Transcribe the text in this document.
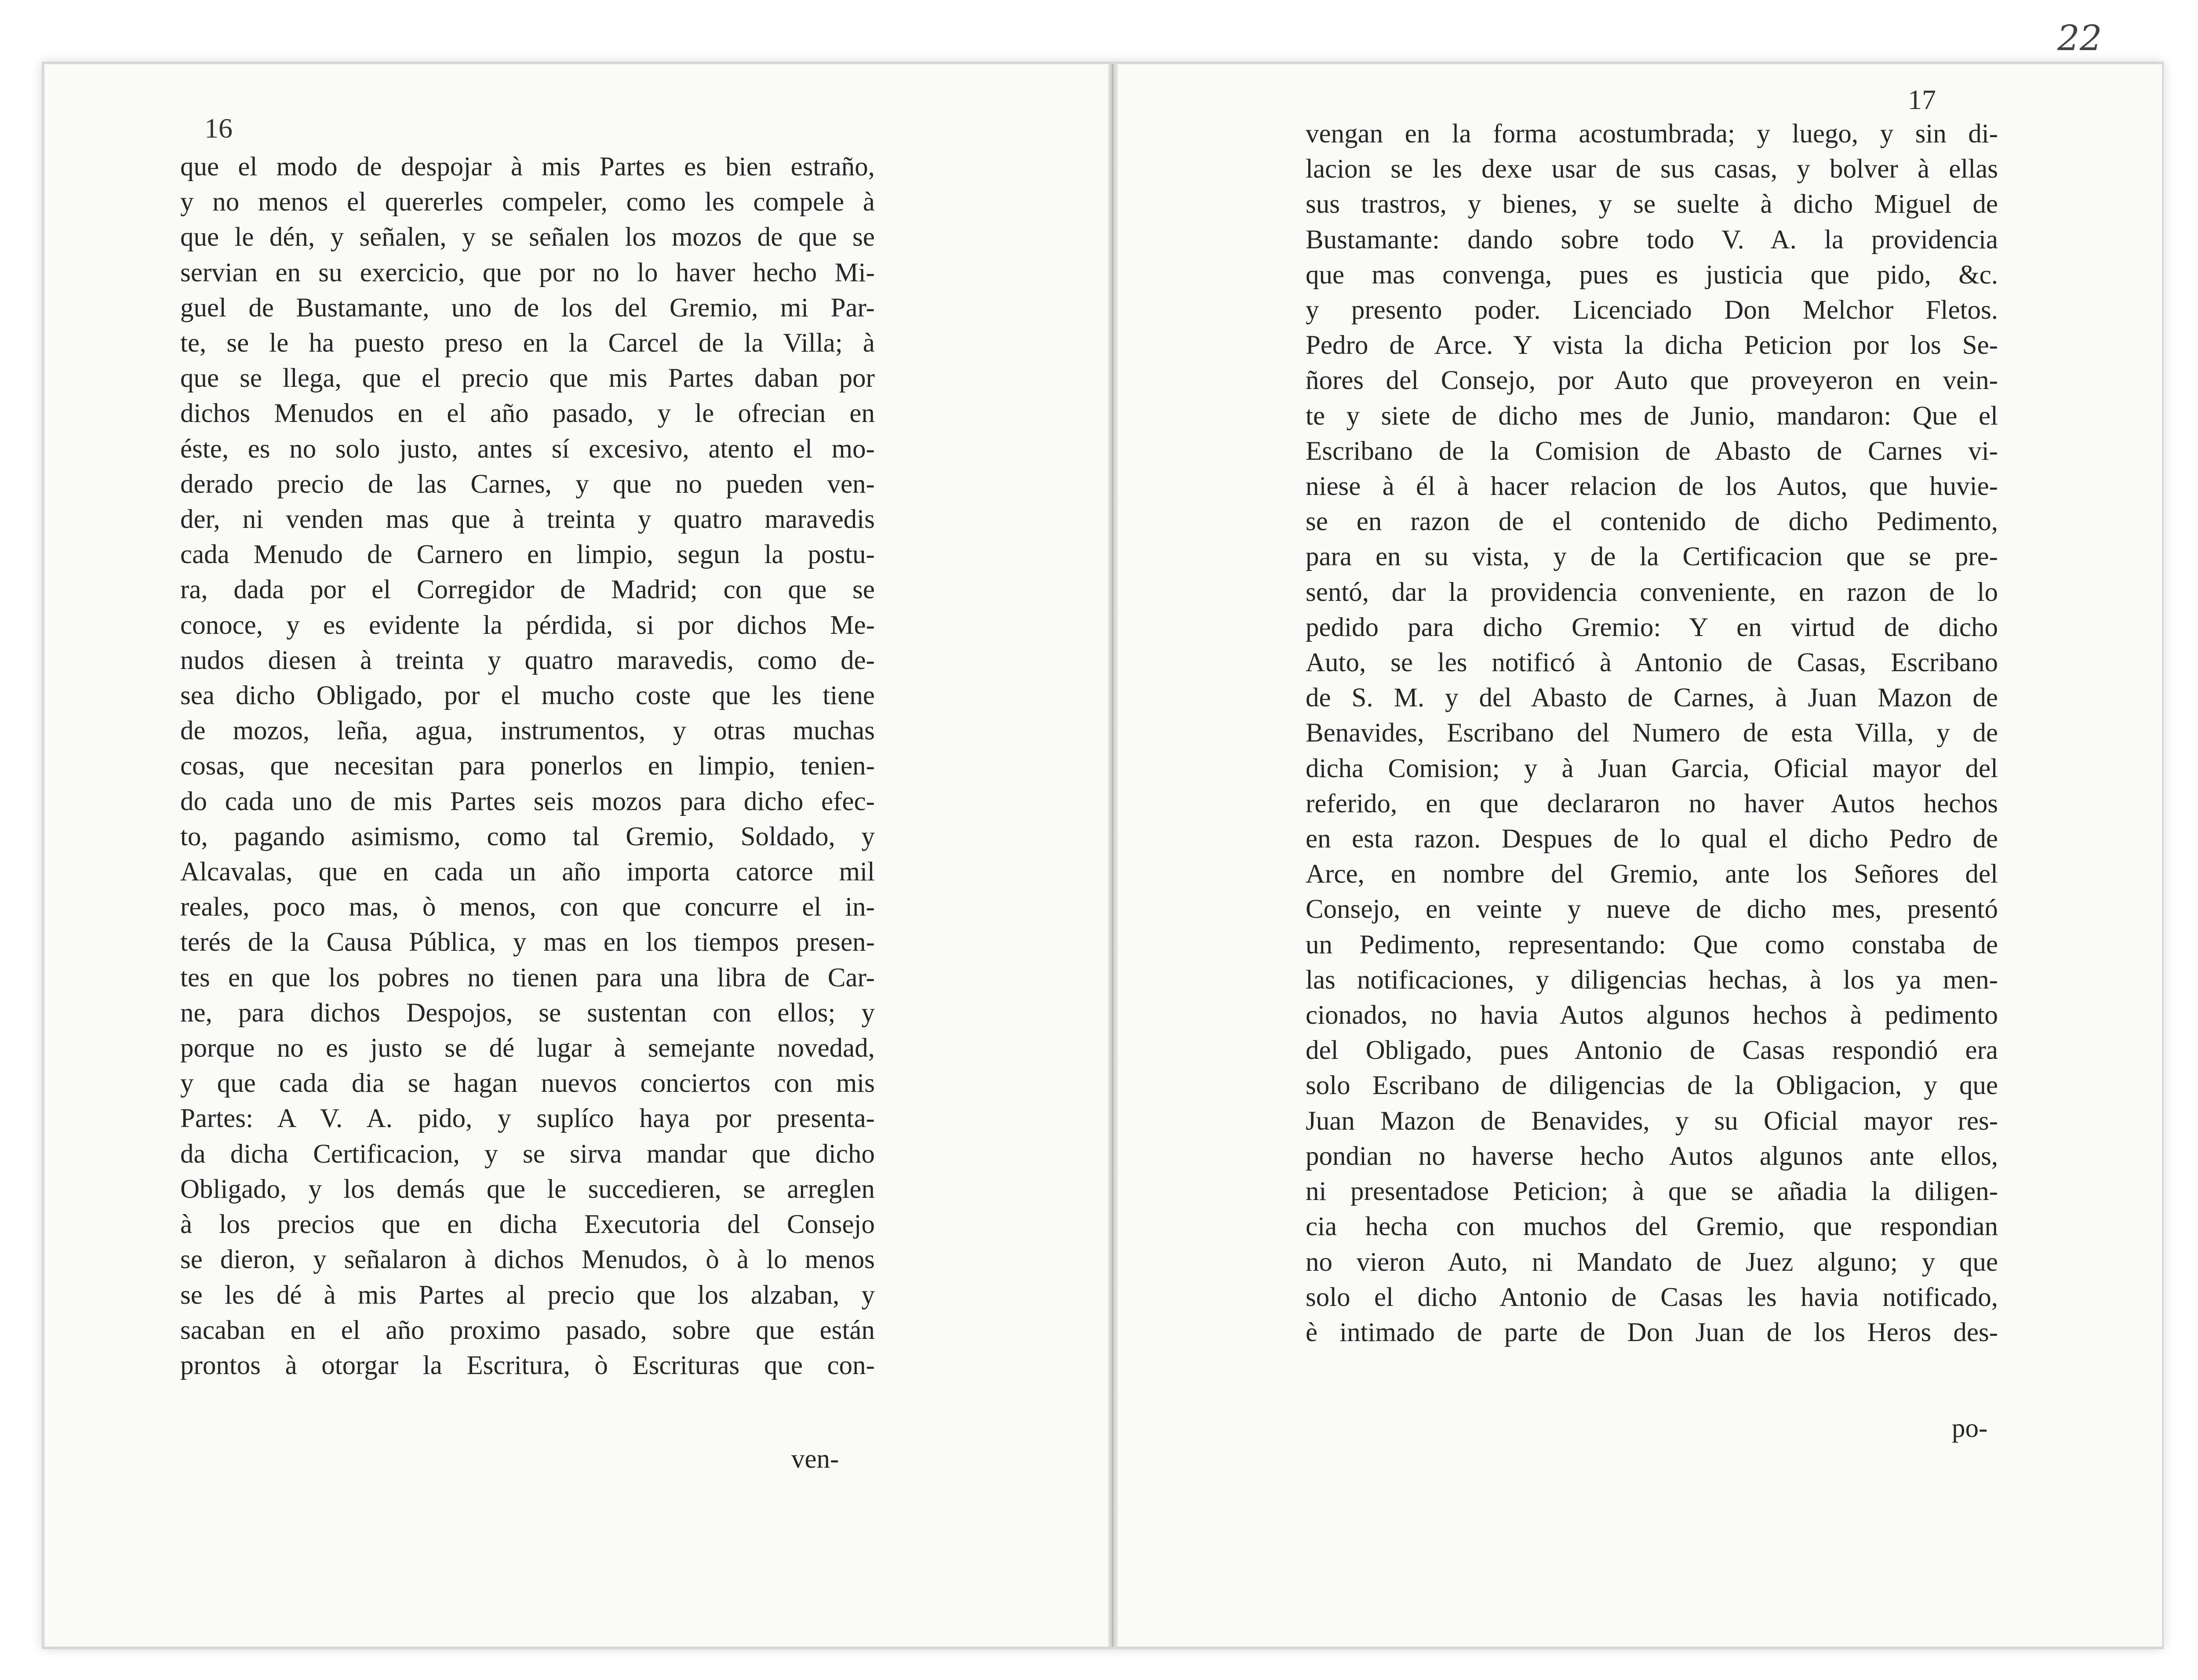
22
16
17
que el modo de despojar à mis Partes es bien estraño,
y no menos el quererles compeler, como les compele à
que le dén, y señalen, y se señalen los mozos de que se
servian en su exercicio, que por no lo haver hecho Mi-
guel de Bustamante, uno de los del Gremio, mi Par-
te, se le ha puesto preso en la Carcel de la Villa; à
que se llega, que el precio que mis Partes daban por
dichos Menudos en el año pasado, y le ofrecian en
éste, es no solo justo, antes sí excesivo, atento el mo-
derado precio de las Carnes, y que no pueden ven-
der, ni venden mas que à treinta y quatro maravedis
cada Menudo de Carnero en limpio, segun la postu-
ra, dada por el Corregidor de Madrid; con que se
conoce, y es evidente la pérdida, si por dichos Me-
nudos diesen à treinta y quatro maravedis, como de-
sea dicho Obligado, por el mucho coste que les tiene
de mozos, leña, agua, instrumentos, y otras muchas
cosas, que necesitan para ponerlos en limpio, tenien-
do cada uno de mis Partes seis mozos para dicho efec-
to, pagando asimismo, como tal Gremio, Soldado, y
Alcavalas, que en cada un año importa catorce mil
reales, poco mas, ò menos, con que concurre el in-
terés de la Causa Pública, y mas en los tiempos presen-
tes en que los pobres no tienen para una libra de Car-
ne, para dichos Despojos, se sustentan con ellos; y
porque no es justo se dé lugar à semejante novedad,
y que cada dia se hagan nuevos conciertos con mis
Partes: A V. A. pido, y suplíco haya por presenta-
da dicha Certificacion, y se sirva mandar que dicho
Obligado, y los demás que le succedieren, se arreglen
à los precios que en dicha Executoria del Consejo
se dieron, y señalaron à dichos Menudos, ò à lo menos
se les dé à mis Partes al precio que los alzaban, y
sacaban en el año proximo pasado, sobre que están
prontos à otorgar la Escritura, ò Escrituras que con-
vengan en la forma acostumbrada; y luego, y sin di-
lacion se les dexe usar de sus casas, y bolver à ellas
sus trastros, y bienes, y se suelte à dicho Miguel de
Bustamante: dando sobre todo V. A. la providencia
que mas convenga, pues es justicia que pido, &c.
y presento poder. Licenciado Don Melchor Fletos.
Pedro de Arce. Y vista la dicha Peticion por los Se-
ñores del Consejo, por Auto que proveyeron en vein-
te y siete de dicho mes de Junio, mandaron: Que el
Escribano de la Comision de Abasto de Carnes vi-
niese à él à hacer relacion de los Autos, que huvie-
se en razon de el contenido de dicho Pedimento,
para en su vista, y de la Certificacion que se pre-
sentó, dar la providencia conveniente, en razon de lo
pedido para dicho Gremio: Y en virtud de dicho
Auto, se les notificó à Antonio de Casas, Escribano
de S. M. y del Abasto de Carnes, à Juan Mazon de
Benavides, Escribano del Numero de esta Villa, y de
dicha Comision; y à Juan Garcia, Oficial mayor del
referido, en que declararon no haver Autos hechos
en esta razon. Despues de lo qual el dicho Pedro de
Arce, en nombre del Gremio, ante los Señores del
Consejo, en veinte y nueve de dicho mes, presentó
un Pedimento, representando: Que como constaba de
las notificaciones, y diligencias hechas, à los ya men-
cionados, no havia Autos algunos hechos à pedimento
del Obligado, pues Antonio de Casas respondió era
solo Escribano de diligencias de la Obligacion, y que
Juan Mazon de Benavides, y su Oficial mayor res-
pondian no haverse hecho Autos algunos ante ellos,
ni presentadose Peticion; à que se añadia la diligen-
cia hecha con muchos del Gremio, que respondian
no vieron Auto, ni Mandato de Juez alguno; y que
solo el dicho Antonio de Casas les havia notificado,
è intimado de parte de Don Juan de los Heros des-
ven-
po-
